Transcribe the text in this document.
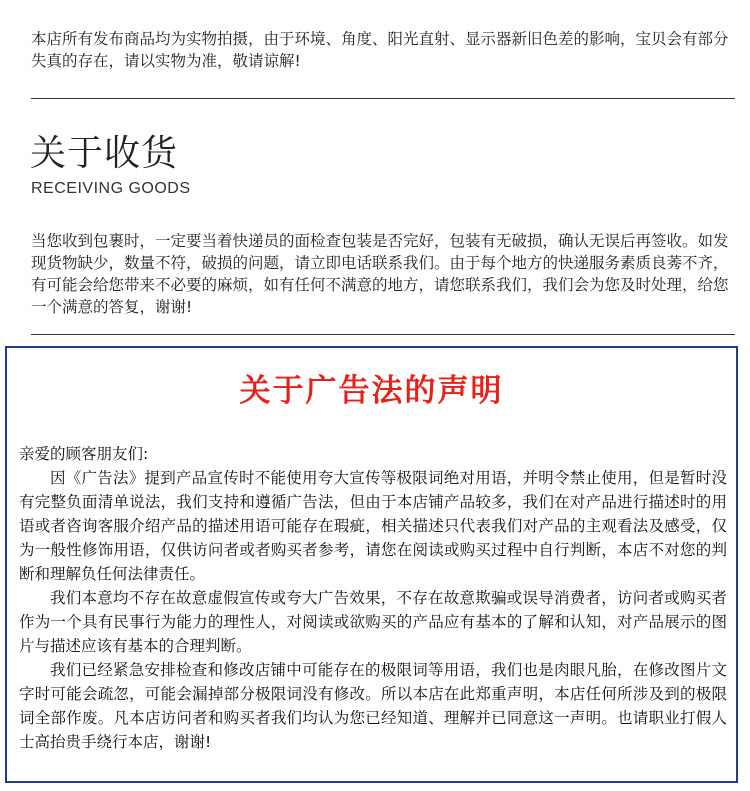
本店所有发布商品均为实物拍摄，由于环境、角度、阳光直射、显示器新旧色差的影响，宝贝会有部分失真的存在，请以实物为准，敬请谅解!

关于收货
RECEIVING GOODS

当您收到包裹时，一定要当着快递员的面检查包装是否完好，包装有无破损，确认无误后再签收。如发现货物缺少，数量不符，破损的问题，请立即电话联系我们。由于每个地方的快递服务素质良莠不齐，有可能会给您带来不必要的麻烦，如有任何不满意的地方，请您联系我们，我们会为您及时处理，给您一个满意的答复，谢谢!

关于广告法的声明

亲爱的顾客朋友们:

因《广告法》提到产品宣传时不能使用夸大宣传等极限词绝对用语，并明令禁止使用，但是暂时没有完整负面清单说法，我们支持和遵循广告法，但由于本店铺产品较多，我们在对产品进行描述时的用语或者咨询客服介绍产品的描述用语可能存在瑕疵，相关描述只代表我们对产品的主观看法及感受，仅为一般性修饰用语，仅供访问者或者购买者参考，请您在阅读或购买过程中自行判断，本店不对您的判断和理解负任何法律责任。

我们本意均不存在故意虚假宣传或夸大广告效果，不存在故意欺骗或误导消费者，访问者或购买者作为一个具有民事行为能力的理性人，对阅读或欲购买的产品应有基本的了解和认知，对产品展示的图片与描述应该有基本的合理判断。

我们已经紧急安排检查和修改店铺中可能存在的极限词等用语，我们也是肉眼凡胎，在修改图片文字时可能会疏忽，可能会漏掉部分极限词没有修改。所以本店在此郑重声明，本店任何所涉及到的极限词全部作废。凡本店访问者和购买者我们均认为您已经知道、理解并已同意这一声明。也请职业打假人士高抬贵手绕行本店，谢谢!
